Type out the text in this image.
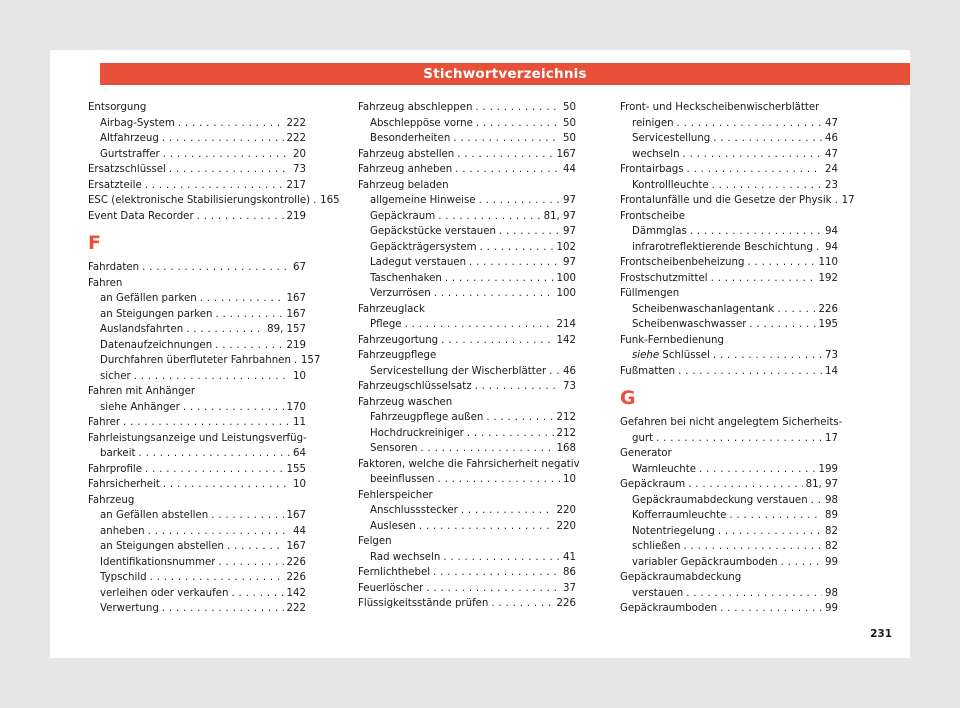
Stichwortverzeichnis
Entsorgung
Airbag-System . . .	222
Altfahrzeug . . .	222
Gurtstraffer . . .	20
Ersatzschlüssel . . .	73
Ersatzteile . . .	217
ESC (elektronische Stabilisierungskontrolle) . . . 165
Event Data Recorder . . .	219
F
Fahrdaten . . .	67
Fahren
an Gefällen parken . . .	167
an Steigungen parken . . .	167
Auslandsfahrten . . .	89, 157
Datenaufzeichnungen . . .	219
Durchfahren überfluteter Fahrbahnen . . . 157
sicher . . .	10
Fahren mit Anhänger
siehe Anhänger . . .	170
Fahrer . . .	11
Fahrleistungsanzeige und Leistungsverfüg-
barkeit . . .	64
Fahrprofile . . .	155
Fahrsicherheit . . .	10
Fahrzeug
an Gefällen abstellen . . .	167
anheben . . .	44
an Steigungen abstellen . . .	167
Identifikationsnummer . . .	226
Typschild . . .	226
verleihen oder verkaufen . . .	142
Verwertung . . .	222
Fahrzeug abschleppen . . .	50
Abschleppöse vorne . . .	50
Besonderheiten . . .	50
Fahrzeug abstellen . . .	167
Fahrzeug anheben . . .	44
Fahrzeug beladen
allgemeine Hinweise . . .	97
Gepäckraum . . .	81, 97
Gepäckstücke verstauen . . .	97
Gepäckträgersystem . . .	102
Ladegut verstauen . . .	97
Taschenhaken . . .	100
Verzurrösen . . .	100
Fahrzeuglack
Pflege . . .	214
Fahrzeugortung . . .	142
Fahrzeugpflege
Servicestellung der Wischerblätter . . . 46
Fahrzeugschlüsselsatz . . .	73
Fahrzeug waschen
Fahrzeugpflege außen . . .	212
Hochdruckreiniger . . .	212
Sensoren . . .	168
Faktoren, welche die Fahrsicherheit negativ
beeinflussen . . .	10
Fehlerspeicher
Anschlussstecker . . .	220
Auslesen . . .	220
Felgen
Rad wechseln . . .	41
Fernlichthebel . . .	86
Feuerlöscher . . .	37
Flüssigkeitsstände prüfen . . .	226
Front- und Heckscheibenwischerblätter
reinigen . . .	47
Servicestellung . . .	46
wechseln . . .	47
Frontairbags . . .	24
Kontrollleuchte . . .	23
Frontalunfälle und die Gesetze der Physik . . . 17
Frontscheibe
Dämmglas . . .	94
infrarotreflektierende Beschichtung . . . 94
Frontscheibenbeheizung . . .	110
Frostschutzmittel . . .	192
Füllmengen
Scheibenwaschanlagentank . . .	226
Scheibenwaschwasser . . .	195
Funk-Fernbedienung
siehe Schlüssel . . .	73
Fußmatten . . .	14
G
Gefahren bei nicht angelegtem Sicherheits-
gurt . . .	17
Generator
Warnleuchte . . .	199
Gepäckraum . . .	81, 97
Gepäckraumabdeckung verstauen . . . 98
Kofferraumleuchte . . .	89
Notentriegelung . . .	82
schließen . . .	82
variabler Gepäckraumboden . . .	99
Gepäckraumabdeckung
verstauen . . .	98
Gepäckraumboden . . .	99
231
